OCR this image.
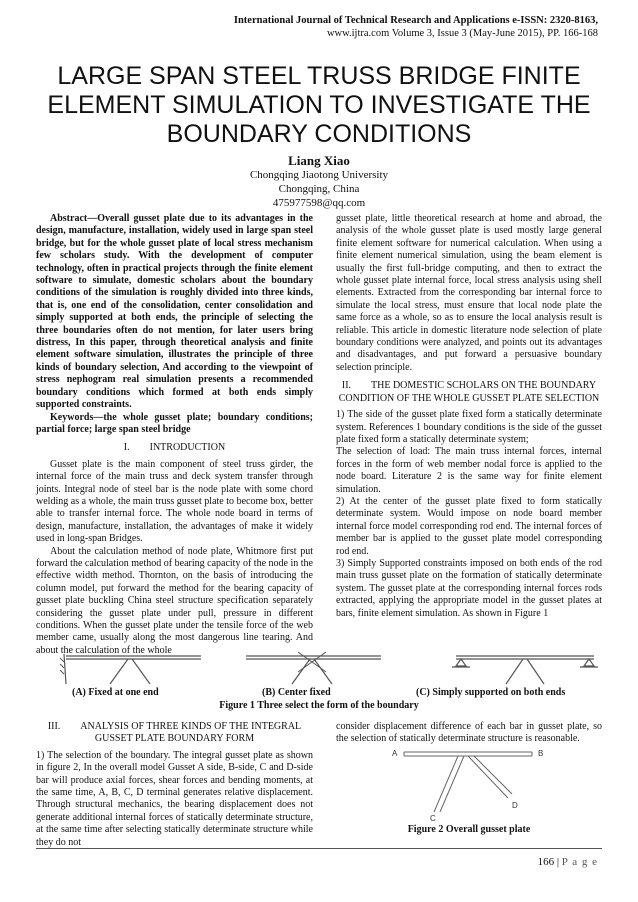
International Journal of Technical Research and Applications e-ISSN: 2320-8163,
www.ijtra.com Volume 3, Issue 3 (May-June 2015), PP. 166-168
LARGE SPAN STEEL TRUSS BRIDGE FINITE
ELEMENT SIMULATION TO INVESTIGATE THE
BOUNDARY CONDITIONS
Liang Xiao
Chongqing Jiaotong University
Chongqing, China
475977598@qq.com

Abstract—Overall gusset plate due to its advantages in the design, manufacture, installation, widely used in large span steel bridge, but for the whole gusset plate of local stress mechanism few scholars study. With the development of computer technology, often in practical projects through the finite element software to simulate, domestic scholars about the boundary conditions of the simulation is roughly divided into three kinds, that is, one end of the consolidation, center consolidation and simply supported at both ends, the principle of selecting the three boundaries often do not mention, for later users bring distress, In this paper, through theoretical analysis and finite element software simulation, illustrates the principle of three kinds of boundary selection, And according to the viewpoint of stress nephogram real simulation presents a recommended boundary conditions which formed at both ends simply supported constraints.

Keywords—the whole gusset plate; boundary conditions; partial force; large span steel bridge

I.  INTRODUCTION

Gusset plate is the main component of steel truss girder, the internal force of the main truss and deck system transfer through joints. Integral node of steel bar is the node plate with some chord welding as a whole, the main truss gusset plate to become box, better able to transfer internal force. The whole node board in terms of design, manufacture, installation, the advantages of make it widely used in long-span Bridges.

About the calculation method of node plate, Whitmore first put forward the calculation method of bearing capacity of the node in the effective width method. Thornton, on the basis of introducing the column model, put forward the method for the bearing capacity of gusset plate buckling China steel structure specification separately considering the gusset plate under pull, pressure in different conditions. When the gusset plate under the tensile force of the web member came, usually along the most dangerous line tearing. And about the calculation of the whole

gusset plate, little theoretical research at home and abroad, the analysis of the whole gusset plate is used mostly large general finite element software for numerical calculation. When using a finite element numerical simulation, using the beam element is usually the first full-bridge computing, and then to extract the whole gusset plate internal force, local stress analysis using shell elements. Extracted from the corresponding bar internal force to simulate the local stress, must ensure that local node plate the same force as a whole, so as to ensure the local analysis result is reliable. This article in domestic literature node selection of plate boundary conditions were analyzed, and points out its advantages and disadvantages, and put forward a persuasive boundary selection principle.

II.  THE DOMESTIC SCHOLARS ON THE BOUNDARY CONDITION OF THE WHOLE GUSSET PLATE SELECTION

1) The side of the gusset plate fixed form a statically determinate system. References 1 boundary conditions is the side of the gusset plate fixed form a statically determinate system;

The selection of load: The main truss internal forces, internal forces in the form of web member nodal force is applied to the node board. Literature 2 is the same way for finite element simulation.

2) At the center of the gusset plate fixed to form statically determinate system. Would impose on node board member internal force model corresponding rod end. The internal forces of member bar is applied to the gusset plate model corresponding rod end.

3) Simply Supported constraints imposed on both ends of the rod main truss gusset plate on the formation of statically determinate system. The gusset plate at the corresponding internal forces rods extracted, applying the appropriate model in the gusset plates at bars, finite element simulation. As shown in Figure 1

(A) Fixed at one end	(B) Center fixed	(C) Simply supported on both ends
Figure 1 Three select the form of the boundary
III.  ANALYSIS OF THREE KINDS OF THE INTEGRAL GUSSET PLATE BOUNDARY FORM

1) The selection of the boundary. The integral gusset plate as shown in figure 2, In the overall model Gusset A side, B-side, C and D-side bar will produce axial forces, shear forces and bending moments, at the same time, A, B, C, D terminal generates relative displacement. Through structural mechanics, the bearing displacement does not generate additional internal forces of statically determinate structure, at the same time after selecting statically determinate structure while they do not

consider displacement difference of each bar in gusset plate, so the selection of statically determinate structure is reasonable.

A	B
C
D
Figure 2 Overall gusset plate
166 | P a g e
